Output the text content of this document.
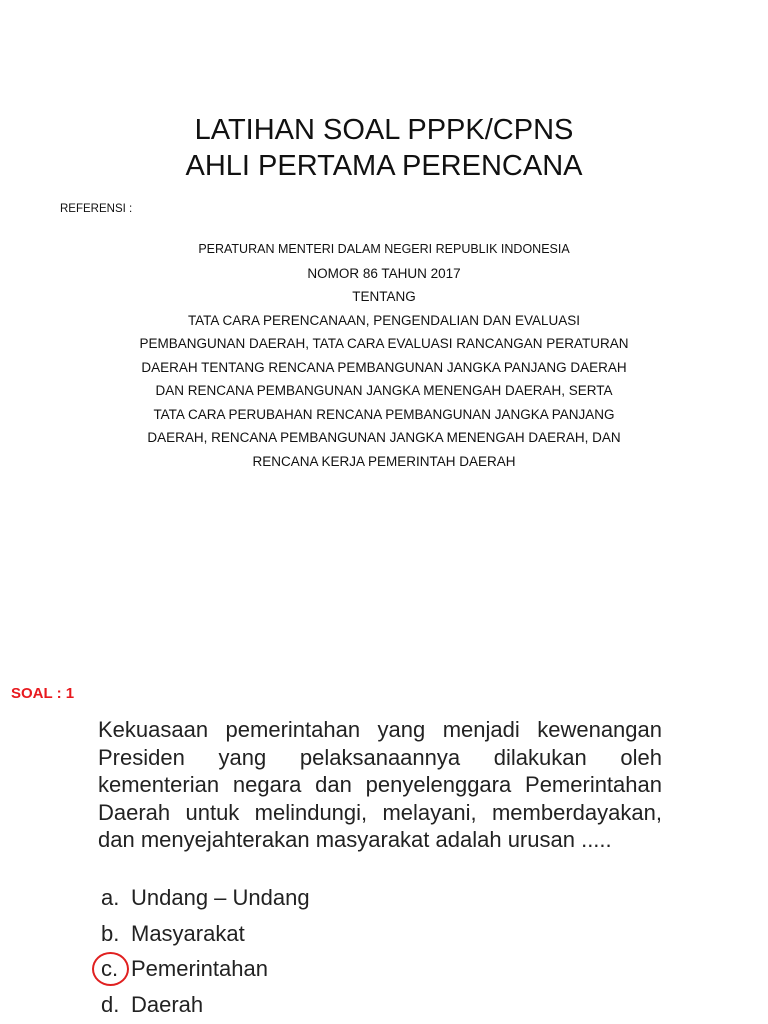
LATIHAN SOAL PPPK/CPNS
AHLI PERTAMA PERENCANA
REFERENSI :
PERATURAN MENTERI DALAM NEGERI REPUBLIK INDONESIA
NOMOR 86 TAHUN 2017
TENTANG
TATA CARA PERENCANAAN, PENGENDALIAN DAN EVALUASI
PEMBANGUNAN DAERAH, TATA CARA EVALUASI RANCANGAN PERATURAN
DAERAH TENTANG RENCANA PEMBANGUNAN JANGKA PANJANG DAERAH
DAN RENCANA PEMBANGUNAN JANGKA MENENGAH DAERAH, SERTA
TATA CARA PERUBAHAN RENCANA PEMBANGUNAN JANGKA PANJANG
DAERAH, RENCANA PEMBANGUNAN JANGKA MENENGAH DAERAH, DAN
RENCANA KERJA PEMERINTAH DAERAH
SOAL : 1
Kekuasaan pemerintahan yang menjadi kewenangan
Presiden yang pelaksanaannya dilakukan oleh
kementerian negara dan penyelenggara Pemerintahan
Daerah untuk melindungi, melayani, memberdayakan,
dan menyejahterakan masyarakat adalah urusan .....
a. Undang – Undang
b. Masyarakat
c. Pemerintahan
d. Daerah
